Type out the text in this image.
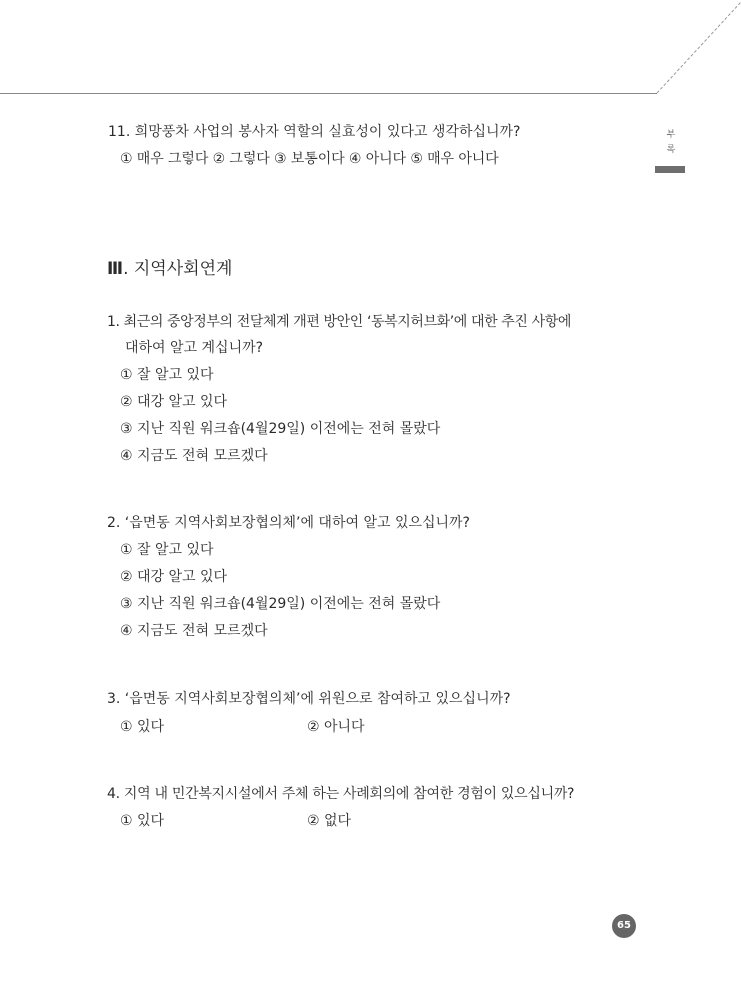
부
록
11. 희망풍차 사업의 봉사자 역할의 실효성이 있다고 생각하십니까?
① 매우 그렇다 ② 그렇다 ③ 보통이다 ④ 아니다 ⑤ 매우 아니다
Ⅲ. 지역사회연계
1. 최근의 중앙정부의 전달체계 개편 방안인 ‘동복지허브화’에 대한 추진 사항에
대하여 알고 계십니까?
① 잘 알고 있다
② 대강 알고 있다
③ 지난 직원 워크숍(4월29일) 이전에는 전혀 몰랐다
④ 지금도 전혀 모르겠다
2. ‘읍면동 지역사회보장협의체’에 대하여 알고 있으십니까?
① 잘 알고 있다
② 대강 알고 있다
③ 지난 직원 워크숍(4월29일) 이전에는 전혀 몰랐다
④ 지금도 전혀 모르겠다
3. ‘읍면동 지역사회보장협의체’에 위원으로 참여하고 있으십니까?
① 있다	② 아니다
4. 지역 내 민간복지시설에서 주체 하는 사례회의에 참여한 경험이 있으십니까?
① 있다	② 없다
65
